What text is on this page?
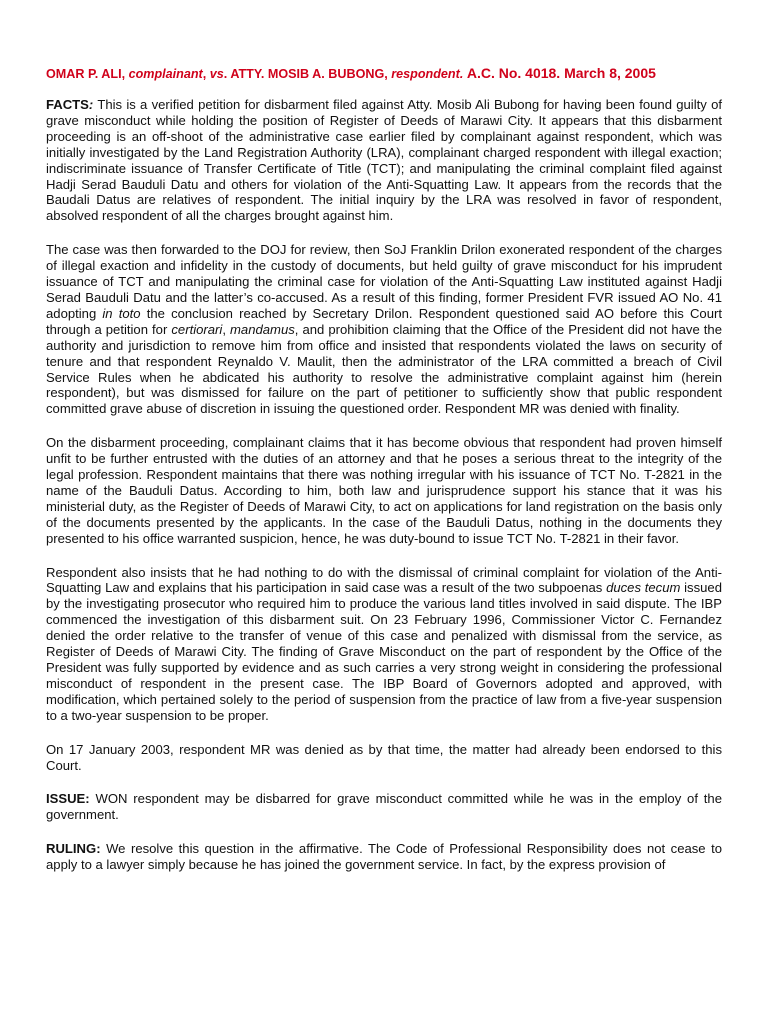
OMAR P. ALI, complainant, vs. ATTY. MOSIB A. BUBONG, respondent. A.C. No. 4018. March 8, 2005

FACTS: This is a verified petition for disbarment filed against Atty. Mosib Ali Bubong for having been found guilty of grave misconduct while holding the position of Register of Deeds of Marawi City. It appears that this disbarment proceeding is an off-shoot of the administrative case earlier filed by complainant against respondent, which was initially investigated by the Land Registration Authority (LRA), complainant charged respondent with illegal exaction; indiscriminate issuance of Transfer Certificate of Title (TCT); and manipulating the criminal complaint filed against Hadji Serad Bauduli Datu and others for violation of the Anti-Squatting Law. It appears from the records that the Baudali Datus are relatives of respondent. The initial inquiry by the LRA was resolved in favor of respondent, absolved respondent of all the charges brought against him.

The case was then forwarded to the DOJ for review, then SoJ Franklin Drilon exonerated respondent of the charges of illegal exaction and infidelity in the custody of documents, but held guilty of grave misconduct for his imprudent issuance of TCT and manipulating the criminal case for violation of the Anti-Squatting Law instituted against Hadji Serad Bauduli Datu and the latter’s co-accused. As a result of this finding, former President FVR issued AO No. 41 adopting in toto the conclusion reached by Secretary Drilon. Respondent questioned said AO before this Court through a petition for certiorari, mandamus, and prohibition claiming that the Office of the President did not have the authority and jurisdiction to remove him from office and insisted that respondents violated the laws on security of tenure and that respondent Reynaldo V. Maulit, then the administrator of the LRA committed a breach of Civil Service Rules when he abdicated his authority to resolve the administrative complaint against him (herein respondent), but was dismissed for failure on the part of petitioner to sufficiently show that public respondent committed grave abuse of discretion in issuing the questioned order. Respondent MR was denied with finality.

On the disbarment proceeding, complainant claims that it has become obvious that respondent had proven himself unfit to be further entrusted with the duties of an attorney and that he poses a serious threat to the integrity of the legal profession. Respondent maintains that there was nothing irregular with his issuance of TCT No. T-2821 in the name of the Bauduli Datus. According to him, both law and jurisprudence support his stance that it was his ministerial duty, as the Register of Deeds of Marawi City, to act on applications for land registration on the basis only of the documents presented by the applicants. In the case of the Bauduli Datus, nothing in the documents they presented to his office warranted suspicion, hence, he was duty-bound to issue TCT No. T-2821 in their favor.

Respondent also insists that he had nothing to do with the dismissal of criminal complaint for violation of the Anti-Squatting Law and explains that his participation in said case was a result of the two subpoenas duces tecum issued by the investigating prosecutor who required him to produce the various land titles involved in said dispute. The IBP commenced the investigation of this disbarment suit. On 23 February 1996, Commissioner Victor C. Fernandez denied the order relative to the transfer of venue of this case and penalized with dismissal from the service, as Register of Deeds of Marawi City. The finding of Grave Misconduct on the part of respondent by the Office of the President was fully supported by evidence and as such carries a very strong weight in considering the professional misconduct of respondent in the present case. The IBP Board of Governors adopted and approved, with modification, which pertained solely to the period of suspension from the practice of law from a five-year suspension to a two-year suspension to be proper.

On 17 January 2003, respondent MR was denied as by that time, the matter had already been endorsed to this Court.

ISSUE: WON respondent may be disbarred for grave misconduct committed while he was in the employ of the government.

RULING: We resolve this question in the affirmative. The Code of Professional Responsibility does not cease to apply to a lawyer simply because he has joined the government service. In fact, by the express provision of
